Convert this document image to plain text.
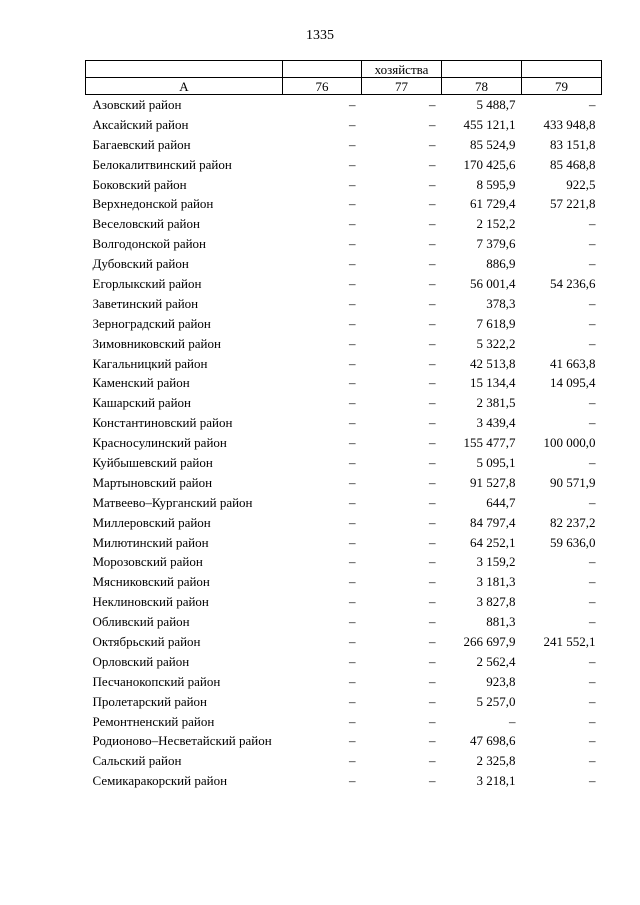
1335
		хозяйства		
А	76	77	78	79
Азовский район	–	–	5 488,7	–
Аксайский район	–	–	455 121,1	433 948,8
Багаевский район	–	–	85 524,9	83 151,8
Белокалитвинский район	–	–	170 425,6	85 468,8
Боковский район	–	–	8 595,9	922,5
Верхнедонской район	–	–	61 729,4	57 221,8
Веселовский район	–	–	2 152,2	–
Волгодонской район	–	–	7 379,6	–
Дубовский район	–	–	886,9	–
Егорлыкский район	–	–	56 001,4	54 236,6
Заветинский район	–	–	378,3	–
Зерноградский район	–	–	7 618,9	–
Зимовниковский район	–	–	5 322,2	–
Кагальницкий район	–	–	42 513,8	41 663,8
Каменский район	–	–	15 134,4	14 095,4
Кашарский район	–	–	2 381,5	–
Константиновский район	–	–	3 439,4	–
Красносулинский район	–	–	155 477,7	100 000,0
Куйбышевский район	–	–	5 095,1	–
Мартыновский район	–	–	91 527,8	90 571,9
Матвеево–Курганский район	–	–	644,7	–
Миллеровский район	–	–	84 797,4	82 237,2
Милютинский район	–	–	64 252,1	59 636,0
Морозовский район	–	–	3 159,2	–
Мясниковский район	–	–	3 181,3	–
Неклиновский район	–	–	3 827,8	–
Обливский район	–	–	881,3	–
Октябрьский район	–	–	266 697,9	241 552,1
Орловский район	–	–	2 562,4	–
Песчанокопский район	–	–	923,8	–
Пролетарский район	–	–	5 257,0	–
Ремонтненский район	–	–	–	–
Родионово–Несветайский район	–	–	47 698,6	–
Сальский район	–	–	2 325,8	–
Семикаракорский район	–	–	3 218,1	–
